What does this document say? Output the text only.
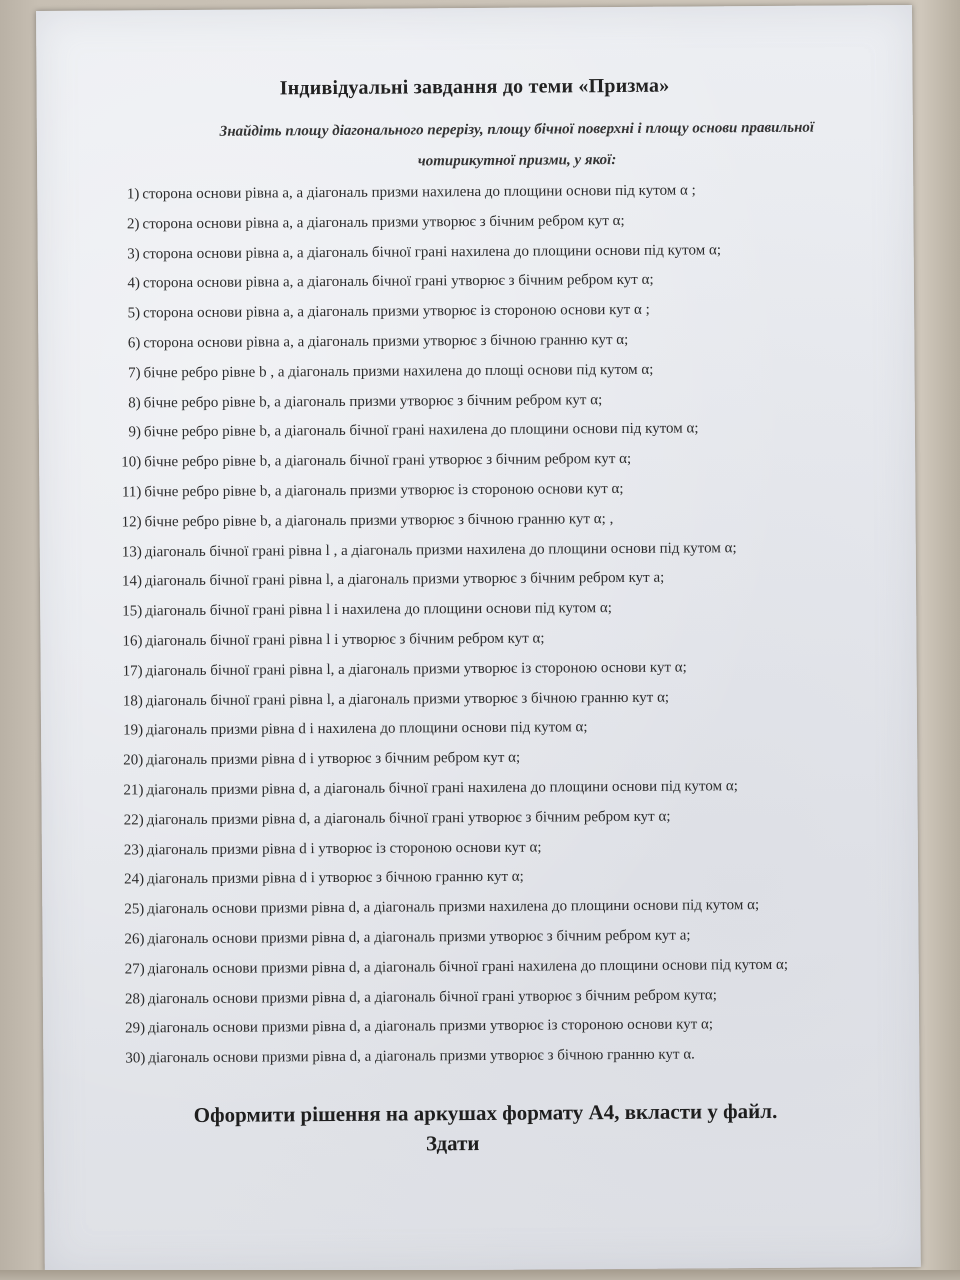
Індивідуальні завдання до теми «Призма»
Знайдіть площу діагонального перерізу, площу бічної поверхні і площу основи правильної
чотирикутної призми, у якої:
1) сторона основи рівна a, а діагональ призми нахилена до площини основи під кутом α ;
2) сторона основи рівна a, а діагональ призми утворює з бічним ребром кут α;
3) сторона основи рівна a, а діагональ бічної грані нахилена до площини основи під кутом α;
4) сторона основи рівна a, а діагональ бічної грані утворює з бічним ребром кут α;
5) сторона основи рівна a, а діагональ призми утворює із стороною основи кут α ;
6) сторона основи рівна a, а діагональ призми утворює з бічною гранню кут α;
7) бічне ребро рівне b , а діагональ призми нахилена до площі основи під кутом α;
8) бічне ребро рівне b, а діагональ призми утворює з бічним ребром кут α;
9) бічне ребро рівне b, а діагональ бічної грані нахилена до площини основи під кутом α;
10) бічне ребро рівне b, а діагональ бічної грані утворює з бічним ребром кут α;
11) бічне ребро рівне b, а діагональ призми утворює із стороною основи кут α;
12) бічне ребро рівне b, а діагональ призми утворює з бічною гранню кут α; ,
13) діагональ бічної грані рівна l , а діагональ призми нахилена до площини основи під кутом α;
14) діагональ бічної грані рівна l, а діагональ призми утворює з бічним ребром кут a;
15) діагональ бічної грані рівна l і нахилена до площини основи під кутом α;
16) діагональ бічної грані рівна l і утворює з бічним ребром кут α;
17) діагональ бічної грані рівна l, а діагональ призми утворює із стороною основи кут α;
18) діагональ бічної грані рівна l, а діагональ призми утворює з бічною гранню кут α;
19) діагональ призми рівна d і нахилена до площини основи під кутом α;
20) діагональ призми рівна d і утворює з бічним ребром кут α;
21) діагональ призми рівна d, а діагональ бічної грані нахилена до площини основи під кутом α;
22) діагональ призми рівна d, а діагональ бічної грані утворює з бічним ребром кут α;
23) діагональ призми рівна d і утворює із стороною основи кут α;
24) діагональ призми рівна d і утворює з бічною гранню кут α;
25) діагональ основи призми рівна d, а діагональ призми нахилена до площини основи під кутом α;
26) діагональ основи призми рівна d, а діагональ призми утворює з бічним ребром кут a;
27) діагональ основи призми рівна d, а діагональ бічної грані нахилена до площини основи під кутом α;
28) діагональ основи призми рівна d, а діагональ бічної грані утворює з бічним ребром кутα;
29) діагональ основи призми рівна d, а діагональ призми утворює із стороною основи кут α;
30) діагональ основи призми рівна d, а діагональ призми утворює з бічною гранню кут α.
Оформити рішення на аркушах формату А4, вкласти у файл.
Здати
